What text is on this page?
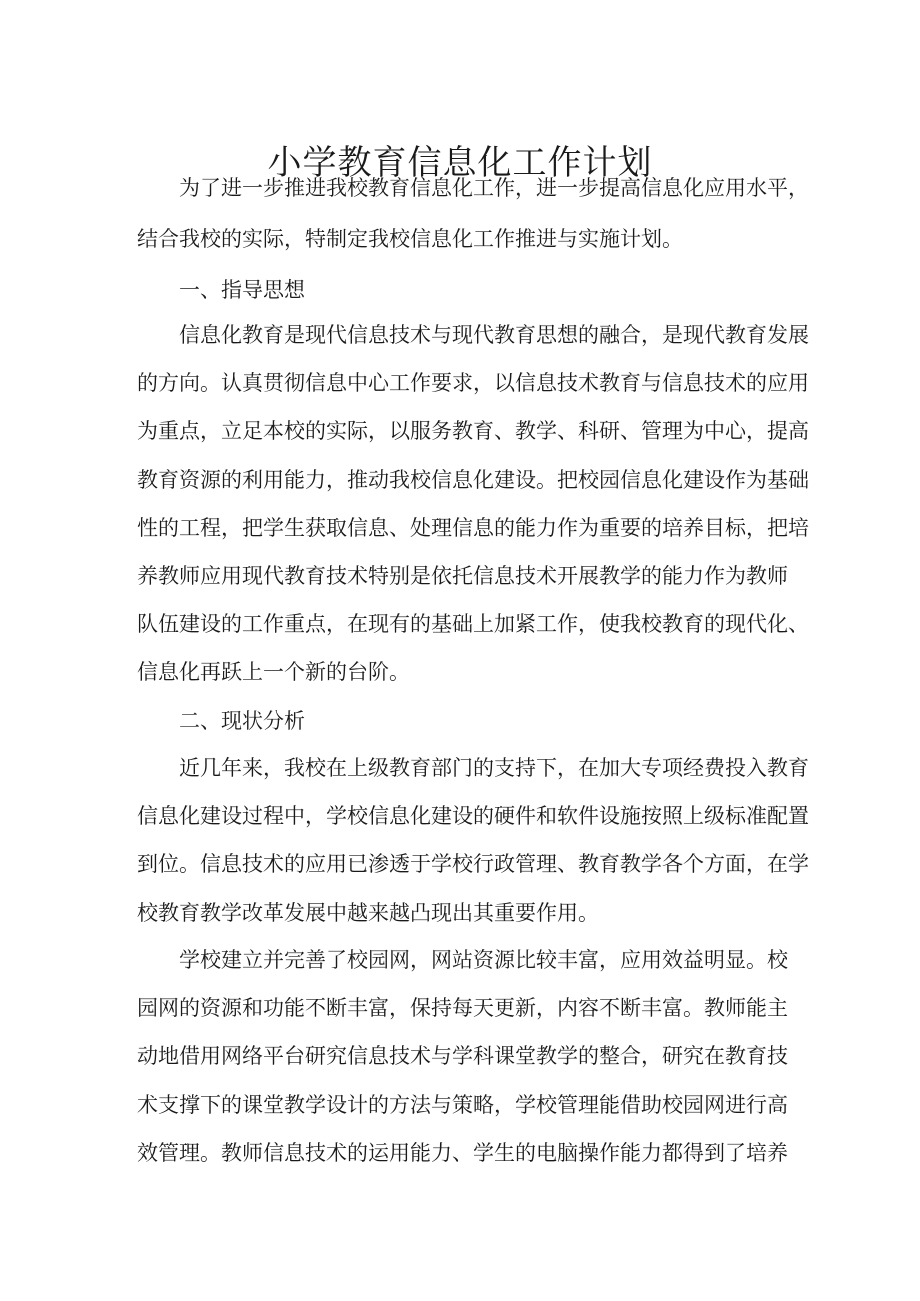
小学教育信息化工作计划
为了进一步推进我校教育信息化工作，进一步提高信息化应用水平，
结合我校的实际，特制定我校信息化工作推进与实施计划。
一、指导思想
信息化教育是现代信息技术与现代教育思想的融合，是现代教育发展
的方向。认真贯彻信息中心工作要求，以信息技术教育与信息技术的应用
为重点，立足本校的实际，以服务教育、教学、科研、管理为中心，提高
教育资源的利用能力，推动我校信息化建设。把校园信息化建设作为基础
性的工程，把学生获取信息、处理信息的能力作为重要的培养目标，把培
养教师应用现代教育技术特别是依托信息技术开展教学的能力作为教师
队伍建设的工作重点，在现有的基础上加紧工作，使我校教育的现代化、
信息化再跃上一个新的台阶。
二、现状分析
近几年来，我校在上级教育部门的支持下，在加大专项经费投入教育
信息化建设过程中，学校信息化建设的硬件和软件设施按照上级标准配置
到位。信息技术的应用已渗透于学校行政管理、教育教学各个方面，在学
校教育教学改革发展中越来越凸现出其重要作用。
学校建立并完善了校园网，网站资源比较丰富，应用效益明显。校
园网的资源和功能不断丰富，保持每天更新，内容不断丰富。教师能主
动地借用网络平台研究信息技术与学科课堂教学的整合，研究在教育技
术支撑下的课堂教学设计的方法与策略，学校管理能借助校园网进行高
效管理。教师信息技术的运用能力、学生的电脑操作能力都得到了培养
